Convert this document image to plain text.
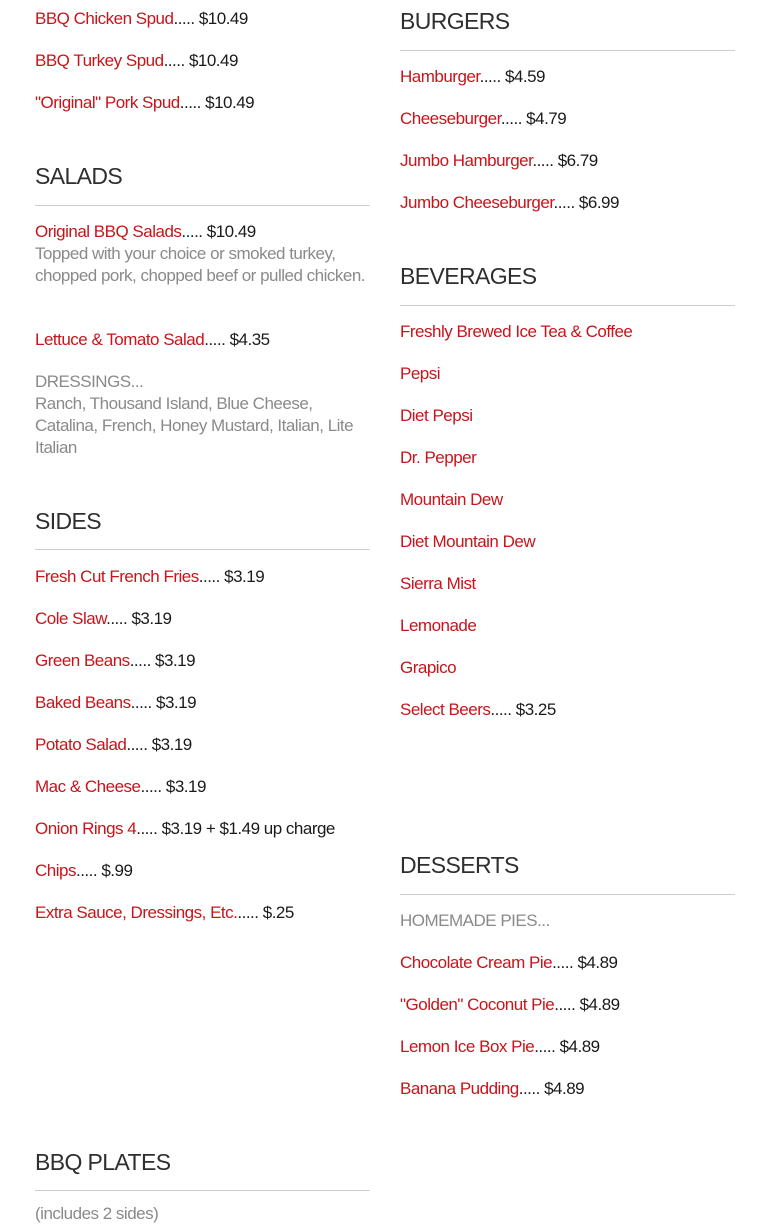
BBQ Chicken Spud..... $10.49
BBQ Turkey Spud..... $10.49
"Original" Pork Spud..... $10.49
SALADS
Original BBQ Salads..... $10.49
Topped with your choice or smoked turkey, chopped pork, chopped beef or pulled chicken.
Lettuce & Tomato Salad..... $4.35
DRESSINGS...
Ranch, Thousand Island, Blue Cheese, Catalina, French, Honey Mustard, Italian, Lite Italian
SIDES
Fresh Cut French Fries..... $3.19
Cole Slaw..... $3.19
Green Beans..... $3.19
Baked Beans..... $3.19
Potato Salad..... $3.19
Mac & Cheese..... $3.19
Onion Rings 4..... $3.19 + $1.49 up charge
Chips..... $.99
Extra Sauce, Dressings, Etc...... $.25
BBQ PLATES
(includes 2 sides)
BURGERS
Hamburger..... $4.59
Cheeseburger..... $4.79
Jumbo Hamburger..... $6.79
Jumbo Cheeseburger..... $6.99
BEVERAGES
Freshly Brewed Ice Tea & Coffee
Pepsi
Diet Pepsi
Dr. Pepper
Mountain Dew
Diet Mountain Dew
Sierra Mist
Lemonade
Grapico
Select Beers..... $3.25
DESSERTS
HOMEMADE PIES...
Chocolate Cream Pie..... $4.89
"Golden" Coconut Pie..... $4.89
Lemon Ice Box Pie..... $4.89
Banana Pudding..... $4.89
